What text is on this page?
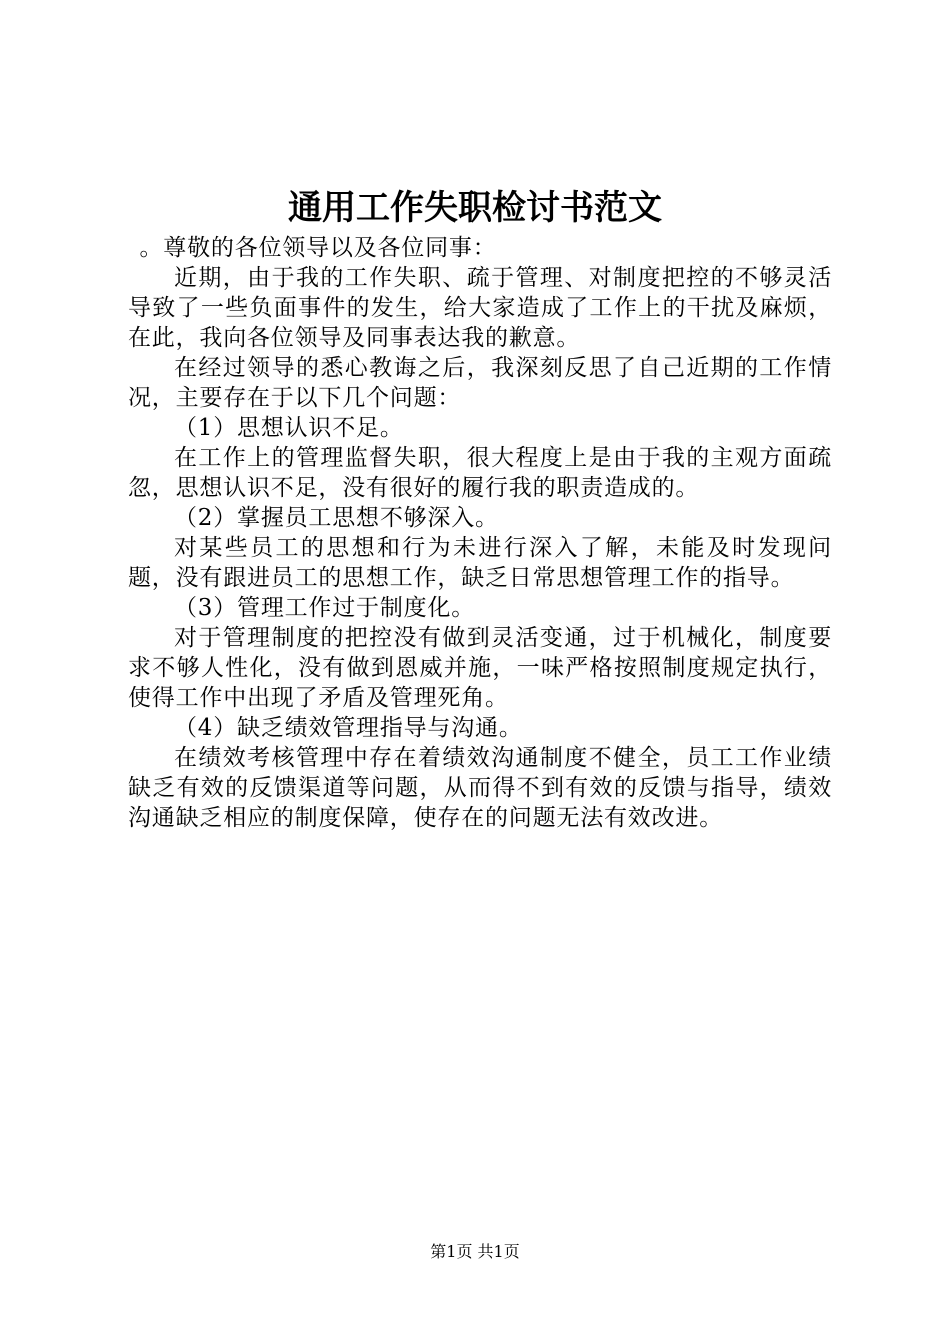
通用工作失职检讨书范文

。尊敬的各位领导以及各位同事：

近期，由于我的工作失职、疏于管理、对制度把控的不够灵活导致了一些负面事件的发生，给大家造成了工作上的干扰及麻烦，在此，我向各位领导及同事表达我的歉意。

在经过领导的悉心教诲之后，我深刻反思了自己近期的工作情况，主要存在于以下几个问题：

（1）思想认识不足。

在工作上的管理监督失职，很大程度上是由于我的主观方面疏忽，思想认识不足，没有很好的履行我的职责造成的。

（2）掌握员工思想不够深入。

对某些员工的思想和行为未进行深入了解，未能及时发现问题，没有跟进员工的思想工作，缺乏日常思想管理工作的指导。

（3）管理工作过于制度化。

对于管理制度的把控没有做到灵活变通，过于机械化，制度要求不够人性化，没有做到恩威并施，一味严格按照制度规定执行，使得工作中出现了矛盾及管理死角。

（4）缺乏绩效管理指导与沟通。

在绩效考核管理中存在着绩效沟通制度不健全，员工工作业绩缺乏有效的反馈渠道等问题，从而得不到有效的反馈与指导，绩效沟通缺乏相应的制度保障，使存在的问题无法有效改进。

第1页 共1页
